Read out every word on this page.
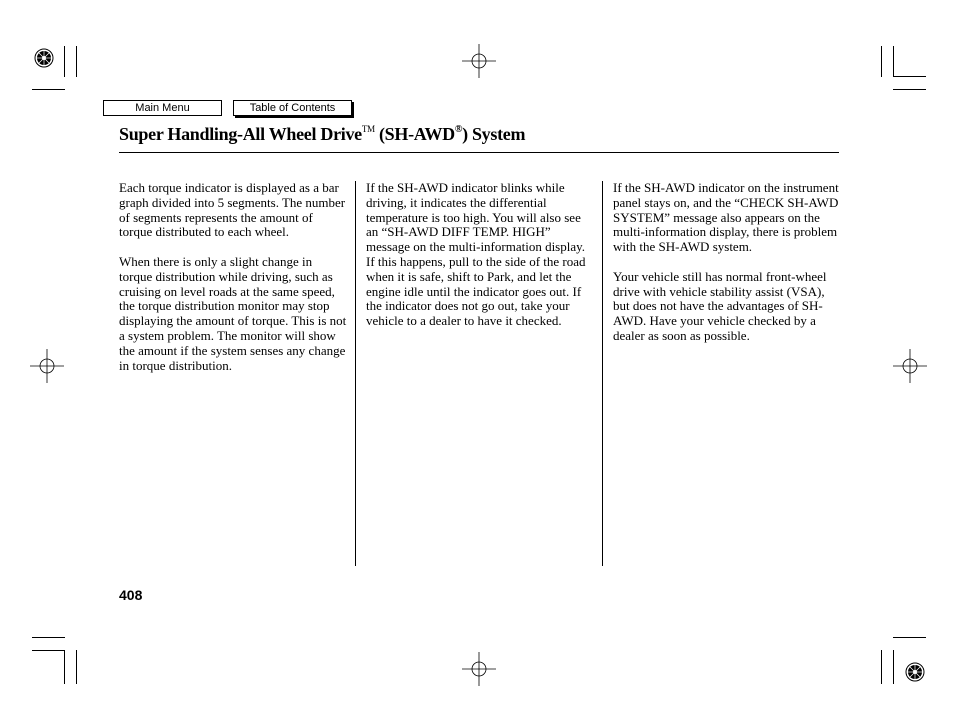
Main Menu	Table of Contents
Super Handling-All Wheel Drive™ (SH-AWD®) System

Each torque indicator is displayed as a bar graph divided into 5 segments. The number of segments represents the amount of torque distributed to each wheel.

When there is only a slight change in torque distribution while driving, such as cruising on level roads at the same speed, the torque distribution monitor may stop displaying the amount of torque. This is not a system problem. The monitor will show the amount if the system senses any change in torque distribution.

If the SH-AWD indicator blinks while driving, it indicates the differential temperature is too high. You will also see an “SH-AWD DIFF TEMP. HIGH” message on the multi-information display. If this happens, pull to the side of the road when it is safe, shift to Park, and let the engine idle until the indicator goes out. If the indicator does not go out, take your vehicle to a dealer to have it checked.

If the SH-AWD indicator on the instrument panel stays on, and the “CHECK SH-AWD SYSTEM” message also appears on the multi-information display, there is problem with the SH-AWD system.

Your vehicle still has normal front-wheel drive with vehicle stability assist (VSA), but does not have the advantages of SH-AWD. Have your vehicle checked by a dealer as soon as possible.

408
